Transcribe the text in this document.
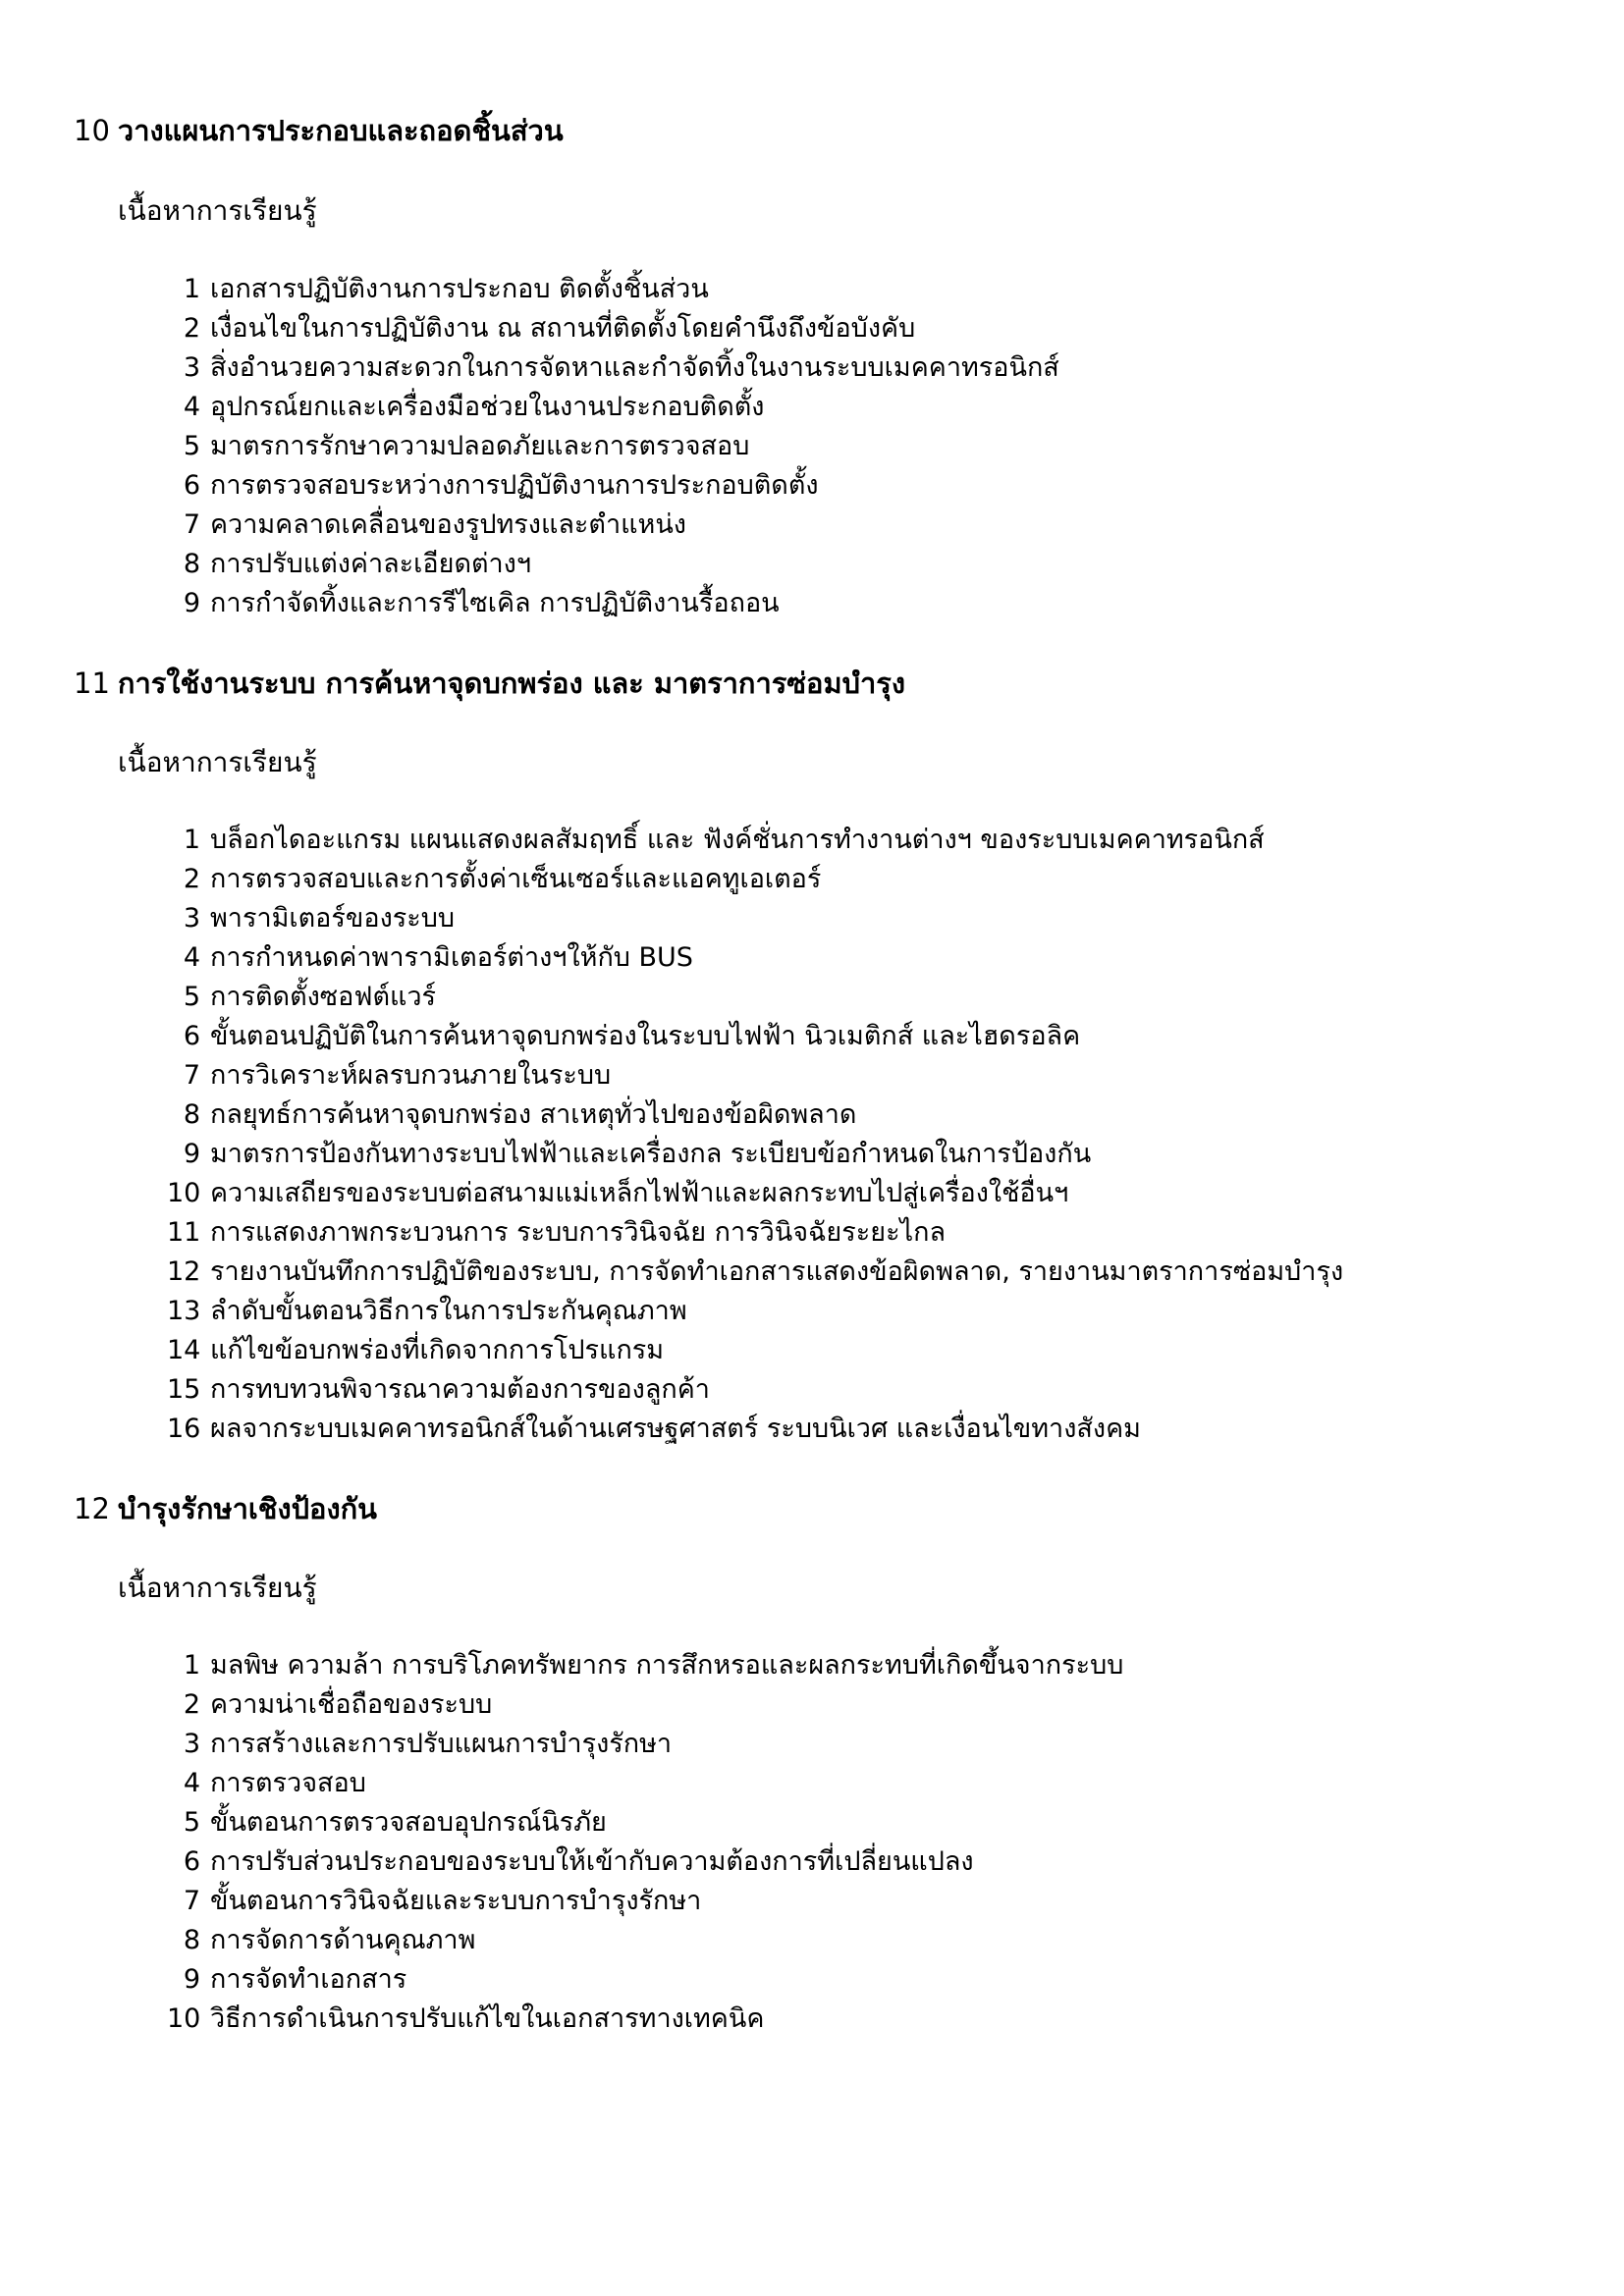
10 วางแผนการประกอบและถอดชิ้นส่วน
เนื้อหาการเรียนรู้
1 เอกสารปฏิบัติงานการประกอบ ติดตั้งชิ้นส่วน
2 เงื่อนไขในการปฏิบัติงาน ณ สถานที่ติดตั้งโดยคำนึงถึงข้อบังคับ
3 สิ่งอำนวยความสะดวกในการจัดหาและกำจัดทิ้งในงานระบบเมคคาทรอนิกส์
4 อุปกรณ์ยกและเครื่องมือช่วยในงานประกอบติดตั้ง
5 มาตรการรักษาความปลอดภัยและการตรวจสอบ
6 การตรวจสอบระหว่างการปฏิบัติงานการประกอบติดตั้ง
7 ความคลาดเคลื่อนของรูปทรงและตำแหน่ง
8 การปรับแต่งค่าละเอียดต่างฯ
9 การกำจัดทิ้งและการรีไซเคิล การปฏิบัติงานรื้อถอน
11 การใช้งานระบบ การค้นหาจุดบกพร่อง และ มาตราการซ่อมบำรุง
เนื้อหาการเรียนรู้
1 บล็อกไดอะแกรม แผนแสดงผลสัมฤทธิ์ และ ฟังค์ชั่นการทำงานต่างฯ ของระบบเมคคาทรอนิกส์
2 การตรวจสอบและการตั้งค่าเซ็นเซอร์และแอคทูเอเตอร์
3 พารามิเตอร์ของระบบ
4 การกำหนดค่าพารามิเตอร์ต่างฯให้กับ BUS
5 การติดตั้งซอฟต์แวร์
6 ขั้นตอนปฏิบัติในการค้นหาจุดบกพร่องในระบบไฟฟ้า นิวเมติกส์ และไฮดรอลิค
7 การวิเคราะห์ผลรบกวนภายในระบบ
8 กลยุทธ์การค้นหาจุดบกพร่อง สาเหตุทั่วไปของข้อผิดพลาด
9 มาตรการป้องกันทางระบบไฟฟ้าและเครื่องกล ระเบียบข้อกำหนดในการป้องกัน
10 ความเสถียรของระบบต่อสนามแม่เหล็กไฟฟ้าและผลกระทบไปสู่เครื่องใช้อื่นฯ
11 การแสดงภาพกระบวนการ ระบบการวินิจฉัย การวินิจฉัยระยะไกล
12 รายงานบันทึกการปฏิบัติของระบบ, การจัดทำเอกสารแสดงข้อผิดพลาด, รายงานมาตราการซ่อมบำรุง
13 ลำดับขั้นตอนวิธีการในการประกันคุณภาพ
14 แก้ไขข้อบกพร่องที่เกิดจากการโปรแกรม
15 การทบทวนพิจารณาความต้องการของลูกค้า
16 ผลจากระบบเมคคาทรอนิกส์ในด้านเศรษฐศาสตร์ ระบบนิเวศ และเงื่อนไขทางสังคม
12 บำรุงรักษาเชิงป้องกัน
เนื้อหาการเรียนรู้
1 มลพิษ ความล้า การบริโภคทรัพยากร การสึกหรอและผลกระทบที่เกิดขึ้นจากระบบ
2 ความน่าเชื่อถือของระบบ
3 การสร้างและการปรับแผนการบำรุงรักษา
4 การตรวจสอบ
5 ขั้นตอนการตรวจสอบอุปกรณ์นิรภัย
6 การปรับส่วนประกอบของระบบให้เข้ากับความต้องการที่เปลี่ยนแปลง
7 ขั้นตอนการวินิจฉัยและระบบการบำรุงรักษา
8 การจัดการด้านคุณภาพ
9 การจัดทำเอกสาร
10 วิธีการดำเนินการปรับแก้ไขในเอกสารทางเทคนิค
